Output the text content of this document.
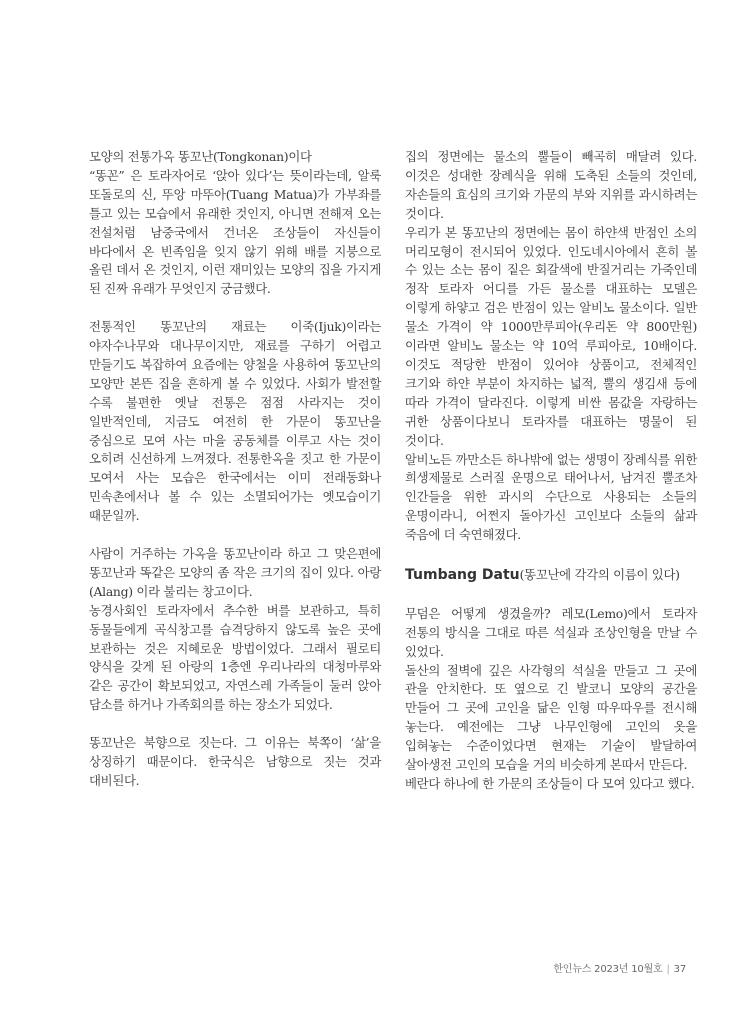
모양의 전통가옥 똥꼬난(Tongkonan)이다

“똥꼰” 은 토라자어로 ‘앉아 있다’는 뜻이라는데, 알룩 또돌로의 신, 뚜앙 마뚜아(Tuang Matua)가 가부좌를 틀고 있는 모습에서 유래한 것인지, 아니면 전해져 오는 전설처럼 남중국에서 건너온 조상들이 자신들이 바다에서 온 빈족임을 잊지 않기 위해 배를 지붕으로 올린 데서 온 것인지, 이런 재미있는 모양의 집을 가지게 된 진짜 유래가 무엇인지 궁금했다.

전통적인 똥꼬난의 재료는 이죽(Ijuk)이라는 야자수나무와 대나무이지만, 재료를 구하기 어렵고 만들기도 복잡하여 요즘에는 양철을 사용하여 똥꼬난의 모양만 본뜬 집을 흔하게 볼 수 있었다. 사회가 발전할 수록 불편한 옛날 전통은 점점 사라지는 것이 일반적인데, 지금도 여전히 한 가문이 똥꼬난을 중심으로 모여 사는 마을 공동체를 이루고 사는 것이 오히려 신선하게 느껴졌다. 전통한옥을 짓고 한 가문이 모여서 사는 모습은 한국에서는 이미 전래동화나 민속촌에서나 볼 수 있는 소멸되어가는 옛모습이기 때문일까.

사람이 거주하는 가옥을 똥꼬난이라 하고 그 맞은편에 똥꼬난과 똑같은 모양의 좀 작은 크기의 집이 있다. 아랑(Alang) 이라 불리는 창고이다.

농경사회인 토라자에서 추수한 벼를 보관하고, 특히 동물들에게 곡식창고를 습격당하지 않도록 높은 곳에 보관하는 것은 지혜로운 방법이었다. 그래서 필로티 양식을 갖게 된 아랑의 1층엔 우리나라의 대청마루와 같은 공간이 확보되었고, 자연스레 가족들이 둘러 앉아 담소를 하거나 가족회의를 하는 장소가 되었다.

똥꼬난은 북향으로 짓는다. 그 이유는 북쪽이 ‘삶’을 상징하기 때문이다. 한국식은 남향으로 짓는 것과 대비된다.

집의 정면에는 물소의 뿔들이 빼곡히 매달려 있다. 이것은 성대한 장례식을 위해 도축된 소들의 것인데, 자손들의 효심의 크기와 가문의 부와 지위를 과시하려는 것이다.

우리가 본 똥꼬난의 정면에는 몸이 하얀색 반점인 소의 머리모형이 전시되어 있었다. 인도네시아에서 흔히 볼 수 있는 소는 몸이 짙은 회갈색에 반질거리는 가죽인데 정작 토라자 어디를 가든 물소를 대표하는 모델은 이렇게 하얗고 검은 반점이 있는 알비노 물소이다. 일반 물소 가격이 약 1000만루피아(우리돈 약 800만원)이라면 알비노 물소는 약 10억 루피아로, 10배이다. 이것도 적당한 반점이 있어야 상품이고, 전체적인 크기와 하얀 부분이 차지하는 넓적, 뿔의 생김새 등에 따라 가격이 달라진다. 이렇게 비싼 몸값을 자랑하는 귀한 상품이다보니 토라자를 대표하는 명물이 된 것이다.

알비노든 까만소든 하나밖에 없는 생명이 장례식를 위한 희생제물로 스러질 운명으로 태어나서, 남겨진 뿔조차 인간들을 위한 과시의 수단으로 사용되는 소들의 운명이라니, 어쩐지 돌아가신 고인보다 소들의 삶과 죽음에 더 숙연해졌다.

Tumbang Datu(똥꼬난에 각각의 이름이 있다)

무덤은 어떻게 생겼을까? 레모(Lemo)에서 토라자 전통의 방식을 그대로 따른 석실과 조상인형을 만날 수 있었다.

돌산의 절벽에 깊은 사각형의 석실을 만들고 그 곳에 관을 안치한다. 또 옆으로 긴 발코니 모양의 공간을 만들어 그 곳에 고인을 닮은 인형 따우따우를 전시해 놓는다. 예전에는 그냥 나무인형에 고인의 옷을 입혀놓는 수준이었다면 현재는 기술이 발달하여 살아생전 고인의 모습을 거의 비슷하게 본따서 만든다.

베란다 하나에 한 가문의 조상들이 다 모여 있다고 했다.

한인뉴스 2023년 10월호 | 37
